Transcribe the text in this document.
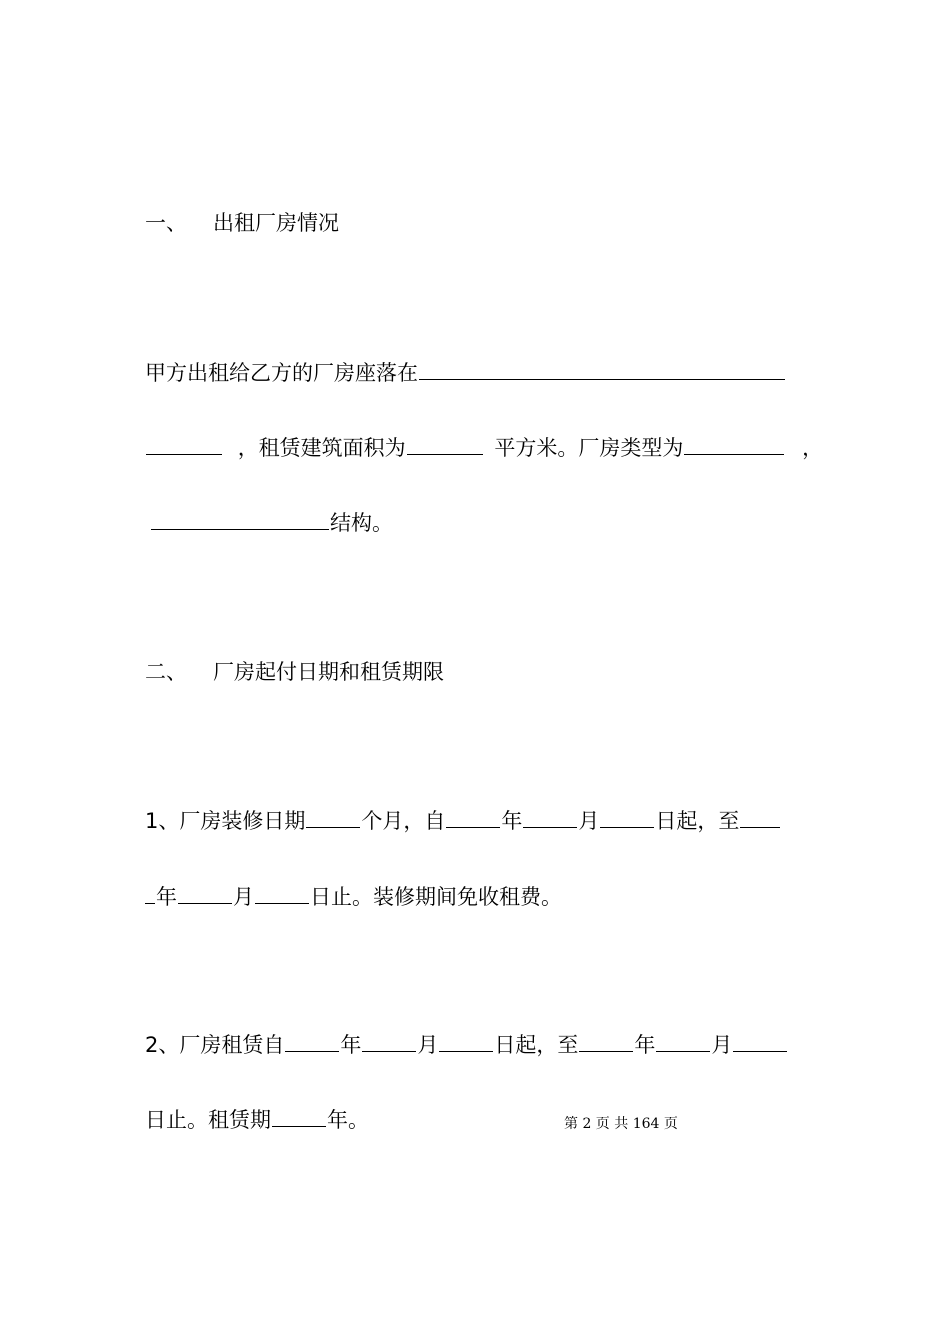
一、 出租厂房情况
甲方出租给乙方的厂房座落在
，租赁建筑面积为	平方米。厂房类型为	，
结构。
二、 厂房起付日期和租赁期限
1、厂房装修日期	个月，自	年	月	日起，至
年	月	日止。装修期间免收租费。
2、厂房租赁自	年	月	日起，至	年	月
日止。租赁期	年。	第 2 页 共 164 页
